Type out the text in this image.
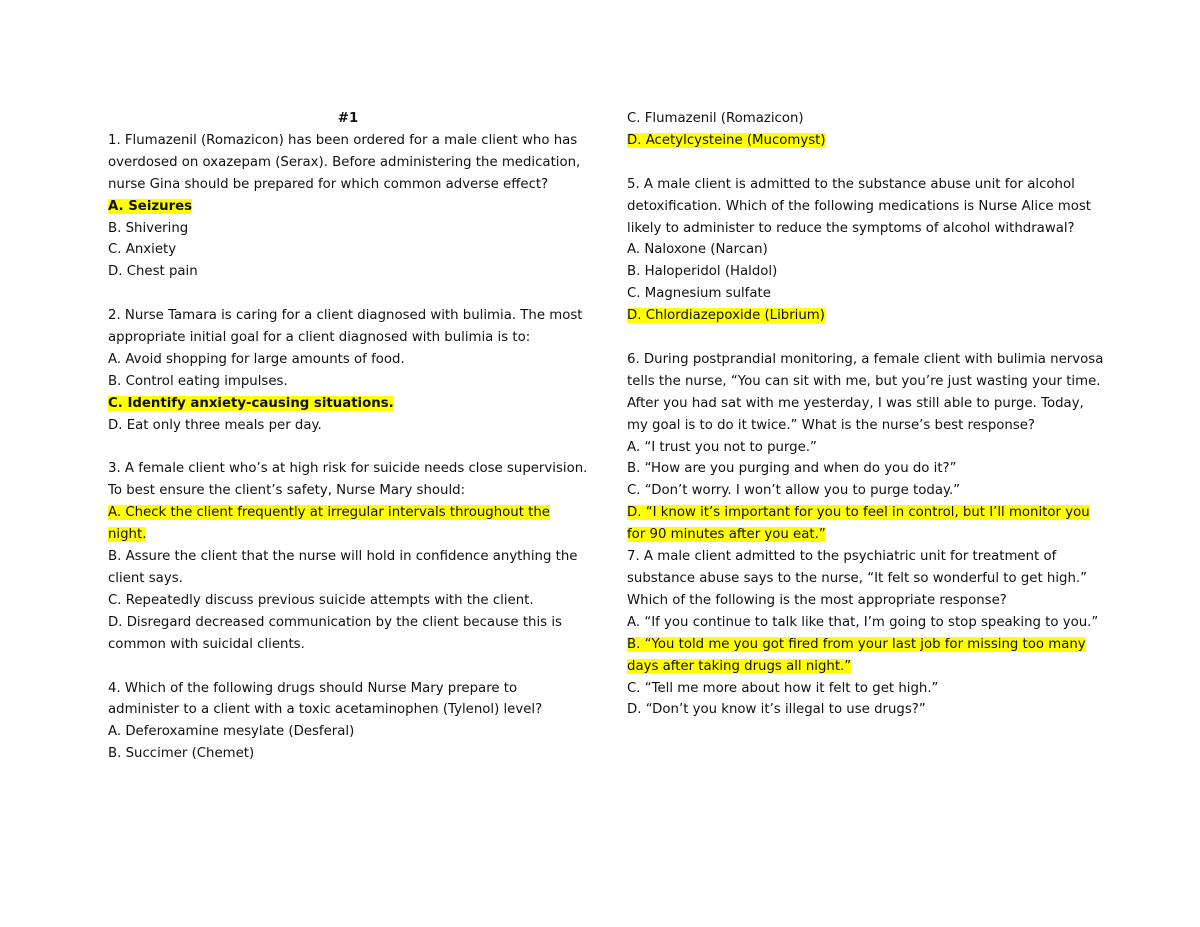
#1
1. Flumazenil (Romazicon) has been ordered for a male client who has overdosed on oxazepam (Serax). Before administering the medication, nurse Gina should be prepared for which common adverse effect?
A. Seizures
B. Shivering
C. Anxiety
D. Chest pain
2. Nurse Tamara is caring for a client diagnosed with bulimia. The most appropriate initial goal for a client diagnosed with bulimia is to:
A. Avoid shopping for large amounts of food.
B. Control eating impulses.
C. Identify anxiety-causing situations.
D. Eat only three meals per day.
3. A female client who’s at high risk for suicide needs close supervision. To best ensure the client’s safety, Nurse Mary should:
A. Check the client frequently at irregular intervals throughout the night.
B. Assure the client that the nurse will hold in confidence anything the client says.
C. Repeatedly discuss previous suicide attempts with the client.
D. Disregard decreased communication by the client because this is common with suicidal clients.
4. Which of the following drugs should Nurse Mary prepare to administer to a client with a toxic acetaminophen (Tylenol) level?
A. Deferoxamine mesylate (Desferal)
B. Succimer (Chemet)
C. Flumazenil (Romazicon)
D. Acetylcysteine (Mucomyst)
5. A male client is admitted to the substance abuse unit for alcohol detoxification. Which of the following medications is Nurse Alice most likely to administer to reduce the symptoms of alcohol withdrawal?
A. Naloxone (Narcan)
B. Haloperidol (Haldol)
C. Magnesium sulfate
D. Chlordiazepoxide (Librium)
6. During postprandial monitoring, a female client with bulimia nervosa tells the nurse, “You can sit with me, but you’re just wasting your time. After you had sat with me yesterday, I was still able to purge. Today, my goal is to do it twice.” What is the nurse’s best response?
A. “I trust you not to purge.”
B. “How are you purging and when do you do it?”
C. “Don’t worry. I won’t allow you to purge today.”
D. “I know it’s important for you to feel in control, but I’ll monitor you for 90 minutes after you eat.”
7. A male client admitted to the psychiatric unit for treatment of substance abuse says to the nurse, “It felt so wonderful to get high.” Which of the following is the most appropriate response?
A. “If you continue to talk like that, I’m going to stop speaking to you.”
B. “You told me you got fired from your last job for missing too many days after taking drugs all night.”
C. “Tell me more about how it felt to get high.”
D. “Don’t you know it’s illegal to use drugs?”
